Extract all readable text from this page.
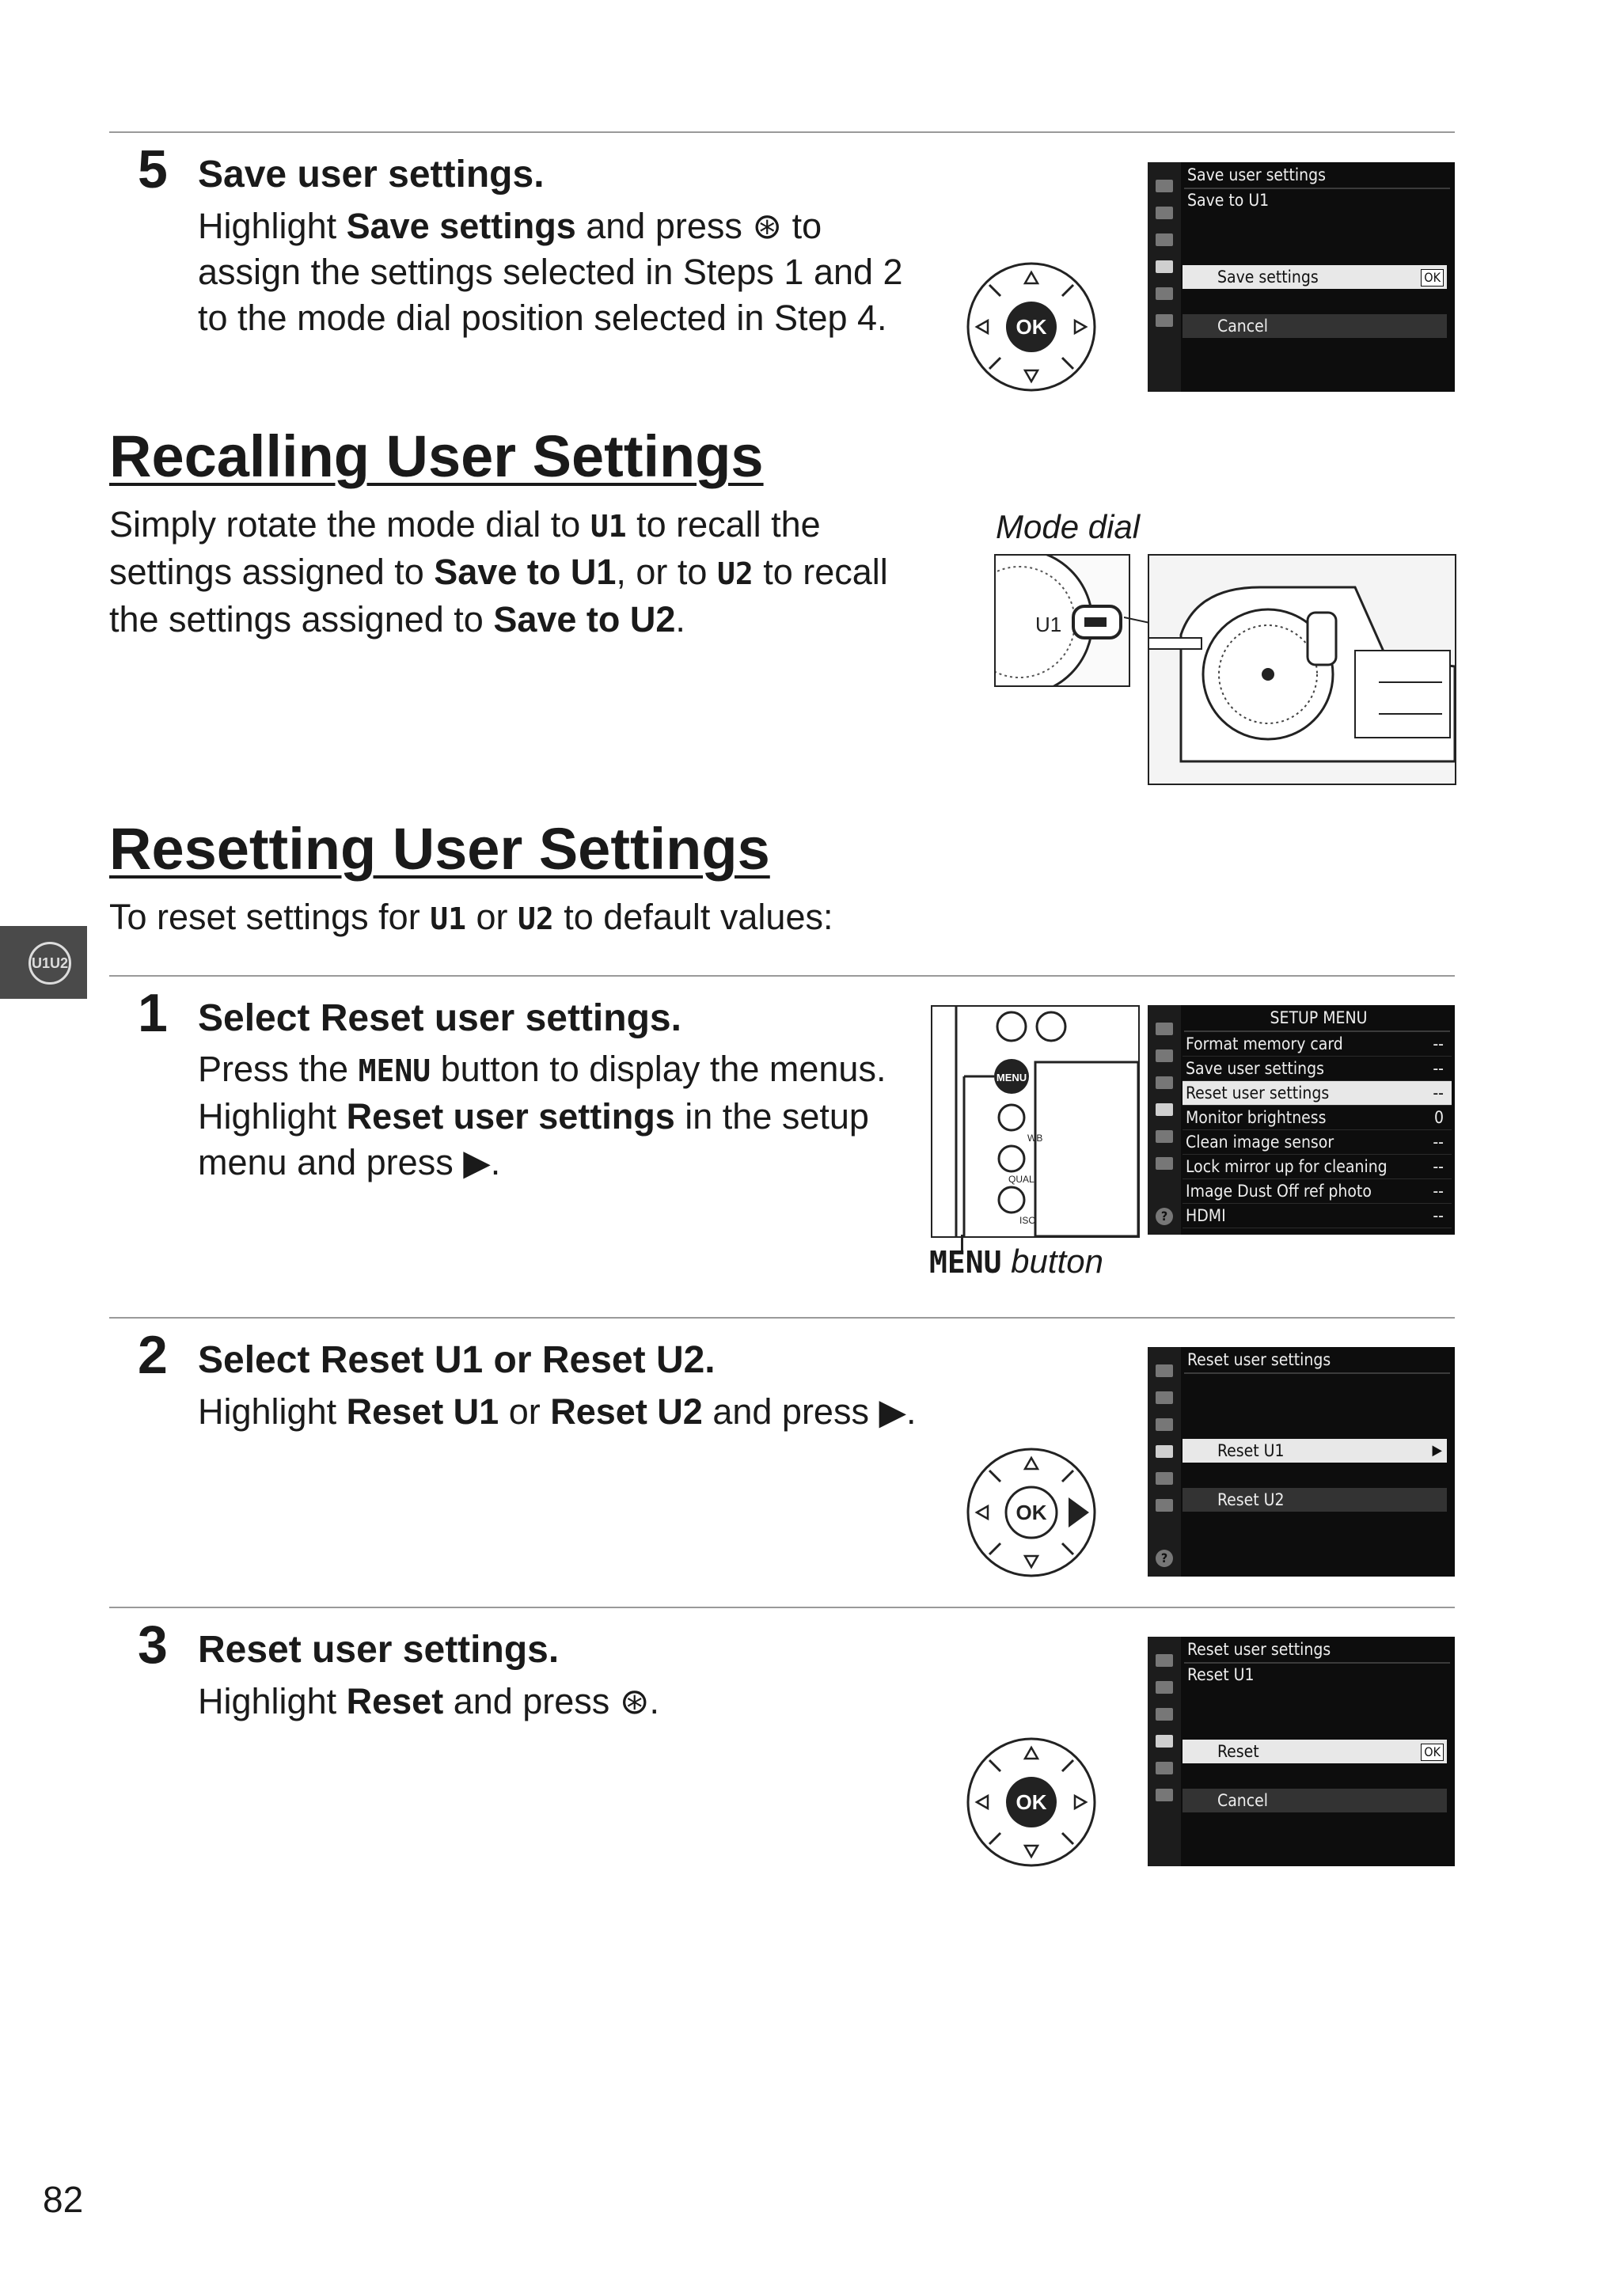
5 Save user settings.
Highlight Save settings and press ⊛ to
assign the settings selected in Steps 1 and 2
to the mode dial position selected in Step 4.	OK
Save user settings
Save to U1
Save settings	OK
Cancel
Recalling User Settings
Simply rotate the mode dial to U1 to recall the
settings assigned to Save to U1, or to U2 to recall
the settings assigned to Save to U2.
Mode dial
U1
Resetting User Settings
To reset settings for U1 or U2 to default values:
U1U2
1 Select Reset user settings.
Press the MENU button to display the menus.
Highlight Reset user settings in the setup
menu and press ▶.
MENU
WB
QUAL
ISO
MENU button
?
SETUP MENU
Format memory card	--
Save user settings	--
Reset user settings	--
Monitor brightness	0
Clean image sensor	--
Lock mirror up for cleaning	--
Image Dust Off ref photo	--
HDMI	--
2 Select Reset U1 or Reset U2.
Highlight Reset U1 or Reset U2 and press ▶.
OK
?
Reset user settings
Reset U1	▶
Reset U2
3 Reset user settings.
Highlight Reset and press ⊛.
OK
Reset user settings
Reset U1
Reset	OK
Cancel
82
